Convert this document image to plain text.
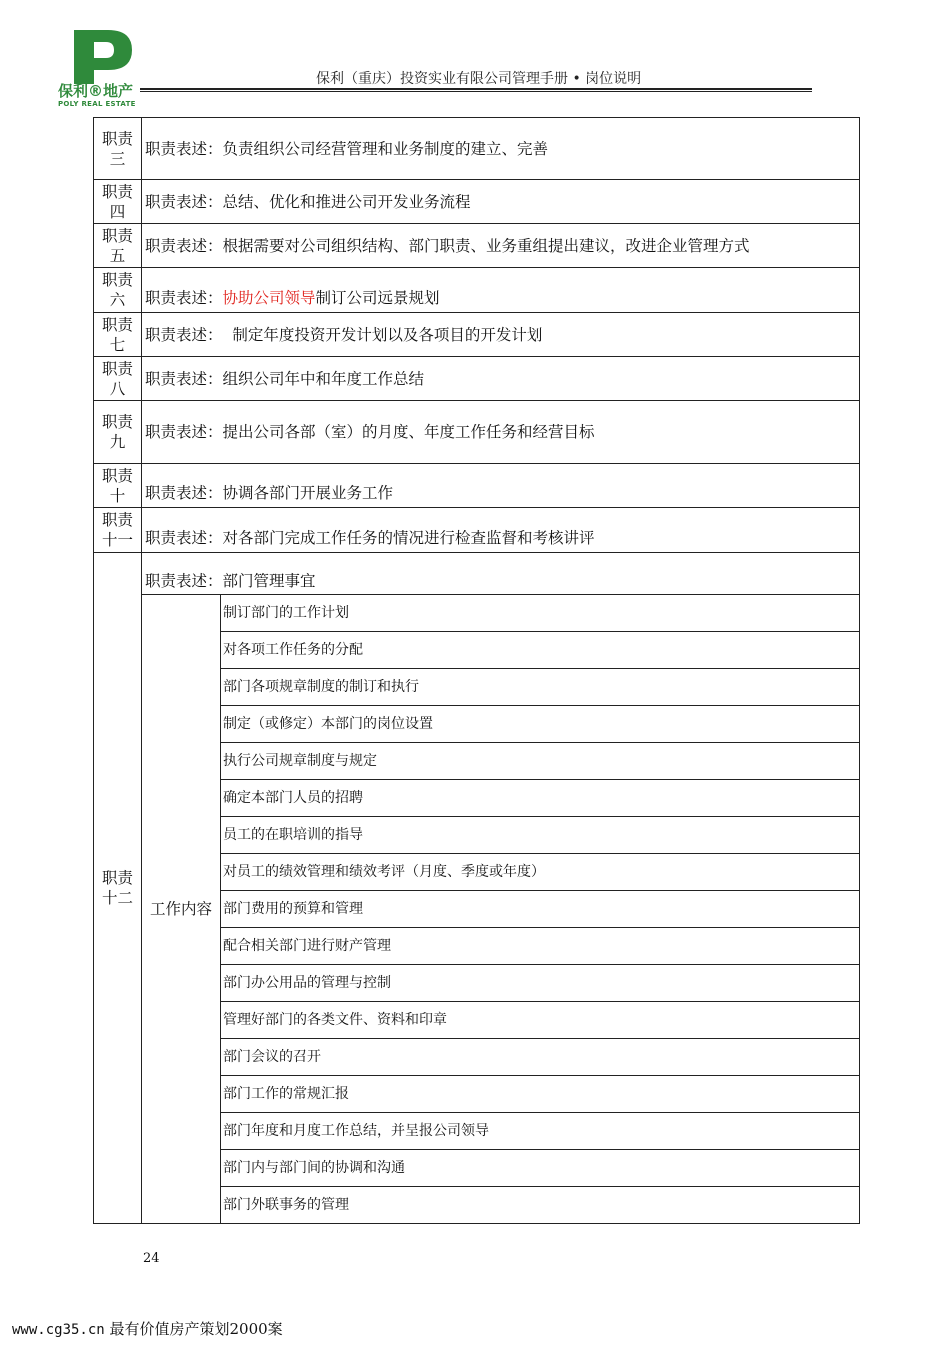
保利®地产
POLY REAL ESTATE
保利（重庆）投资实业有限公司管理手册 • 岗位说明
职责
三	职责表述：负责组织公司经营管理和业务制度的建立、完善	
职责
四	职责表述：总结、优化和推进公司开发业务流程	
职责
五	职责表述：根据需要对公司组织结构、部门职责、业务重组提出建议，改进企业管理方式	
职责
六	职责表述：协助公司领导制订公司远景规划	
职责
七	职责表述：  制定年度投资开发计划以及各项目的开发计划	
职责
八	职责表述：组织公司年中和年度工作总结	
职责
九	职责表述：提出公司各部（室）的月度、年度工作任务和经营目标	
职责
十	职责表述：协调各部门开展业务工作	
职责
十一	职责表述：对各部门完成工作任务的情况进行检查监督和考核讲评	
职责
十二	职责表述：部门管理事宜	
	工作内容	制订部门的工作计划
		对各项工作任务的分配
		部门各项规章制度的制订和执行
		制定（或修定）本部门的岗位设置
		执行公司规章制度与规定
		确定本部门人员的招聘
		员工的在职培训的指导
		对员工的绩效管理和绩效考评（月度、季度或年度）
		部门费用的预算和管理
		配合相关部门进行财产管理
		部门办公用品的管理与控制
		管理好部门的各类文件、资料和印章
		部门会议的召开
		部门工作的常规汇报
		部门年度和月度工作总结，并呈报公司领导
		部门内与部门间的协调和沟通
		部门外联事务的管理
24
www.cg35.cn 最有价值房产策划2000案
